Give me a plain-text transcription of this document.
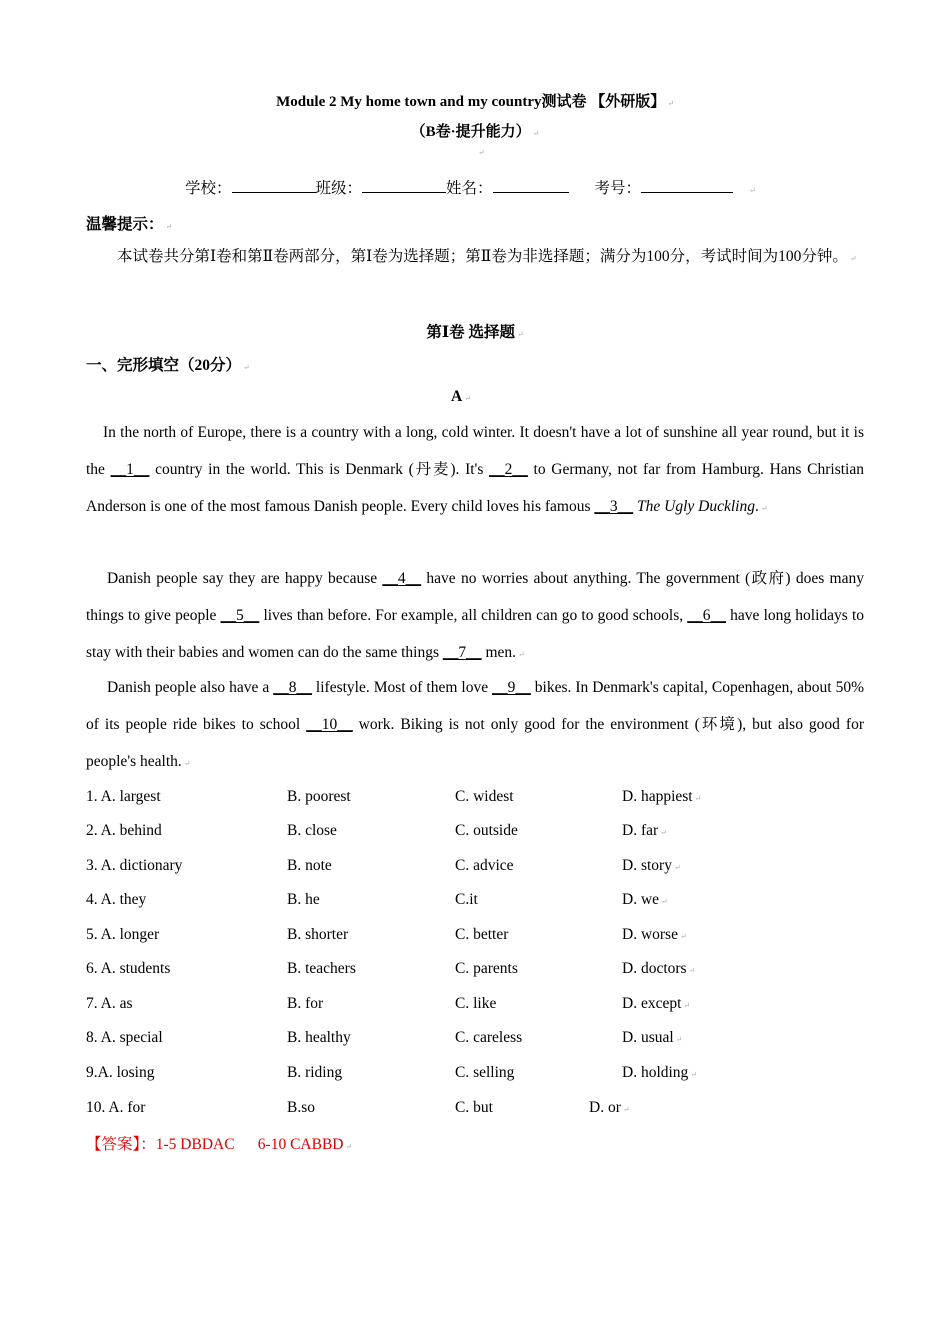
Module 2 My home town and my country测试卷 【外研版】 ↵
（B卷·提升能力） ↵
↵
学校：	班级：	姓名：	考号：	↵
温馨提示： ↵
本试卷共分第Ⅰ卷和第Ⅱ卷两部分，第Ⅰ卷为选择题；第Ⅱ卷为非选择题；满分为100分，考试时间为100分钟。 ↵
第Ⅰ卷 选择题 ↵
一、完形填空（20分） ↵
A ↵
In the north of Europe, there is a country with a long, cold winter. It doesn't have a lot of sunshine all year round, but it is the __1__ country in the world. This is Denmark (丹麦). It's __2__ to Germany, not far from Hamburg. Hans Christian Anderson is one of the most famous Danish people. Every child loves his famous __3__ The Ugly Duckling. ↵
Danish people say they are happy because __4__ have no worries about anything. The government (政府) does many things to give people __5__ lives than before. For example, all children can go to good schools, __6__ have long holidays to stay with their babies and women can do the same things __7__ men. ↵
Danish people also have a __8__ lifestyle. Most of them love __9__ bikes. In Denmark's capital, Copenhagen, about 50% of its people ride bikes to school __10__ work. Biking is not only good for the environment (环境), but also good for people's health. ↵
1. A. largest	B. poorest	C. widest	D. happiest ↵
2. A. behind	B. close	C. outside	D. far ↵
3. A. dictionary	B. note	C. advice	D. story ↵
4. A. they	B. he	C.it	D. we ↵
5. A. longer	B. shorter	C. better	D. worse ↵
6. A. students	B. teachers	C. parents	D. doctors ↵
7. A. as	B. for	C. like	D. except ↵
8. A. special	B. healthy	C. careless	D. usual ↵
9.A. losing	B. riding	C. selling	D. holding ↵
10. A. for	B.so	C. but	D. or ↵
【答案】：1-5 DBDAC      6-10 CABBD ↵
